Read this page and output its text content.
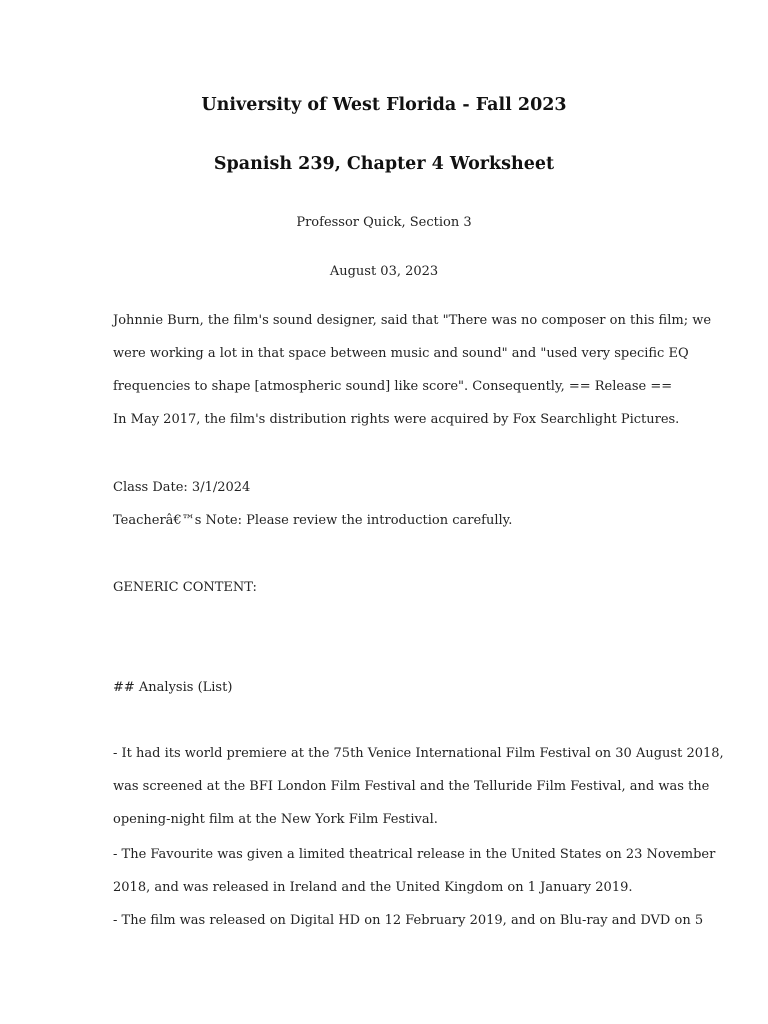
University of West Florida - Fall 2023
Spanish 239, Chapter 4 Worksheet
Professor Quick, Section 3
August 03, 2023
Johnnie Burn, the film's sound designer, said that "There was no composer on this film; we
were working a lot in that space between music and sound" and "used very specific EQ
frequencies to shape [atmospheric sound] like score". Consequently, == Release ==
In May 2017, the film's distribution rights were acquired by Fox Searchlight Pictures.
Class Date: 3/1/2024
Teacherâ€™s Note: Please review the introduction carefully.
GENERIC CONTENT:
## Analysis (List)
- It had its world premiere at the 75th Venice International Film Festival on 30 August 2018,
was screened at the BFI London Film Festival and the Telluride Film Festival, and was the
opening-night film at the New York Film Festival.
- The Favourite was given a limited theatrical release in the United States on 23 November
2018, and was released in Ireland and the United Kingdom on 1 January 2019.
- The film was released on Digital HD on 12 February 2019, and on Blu-ray and DVD on 5
